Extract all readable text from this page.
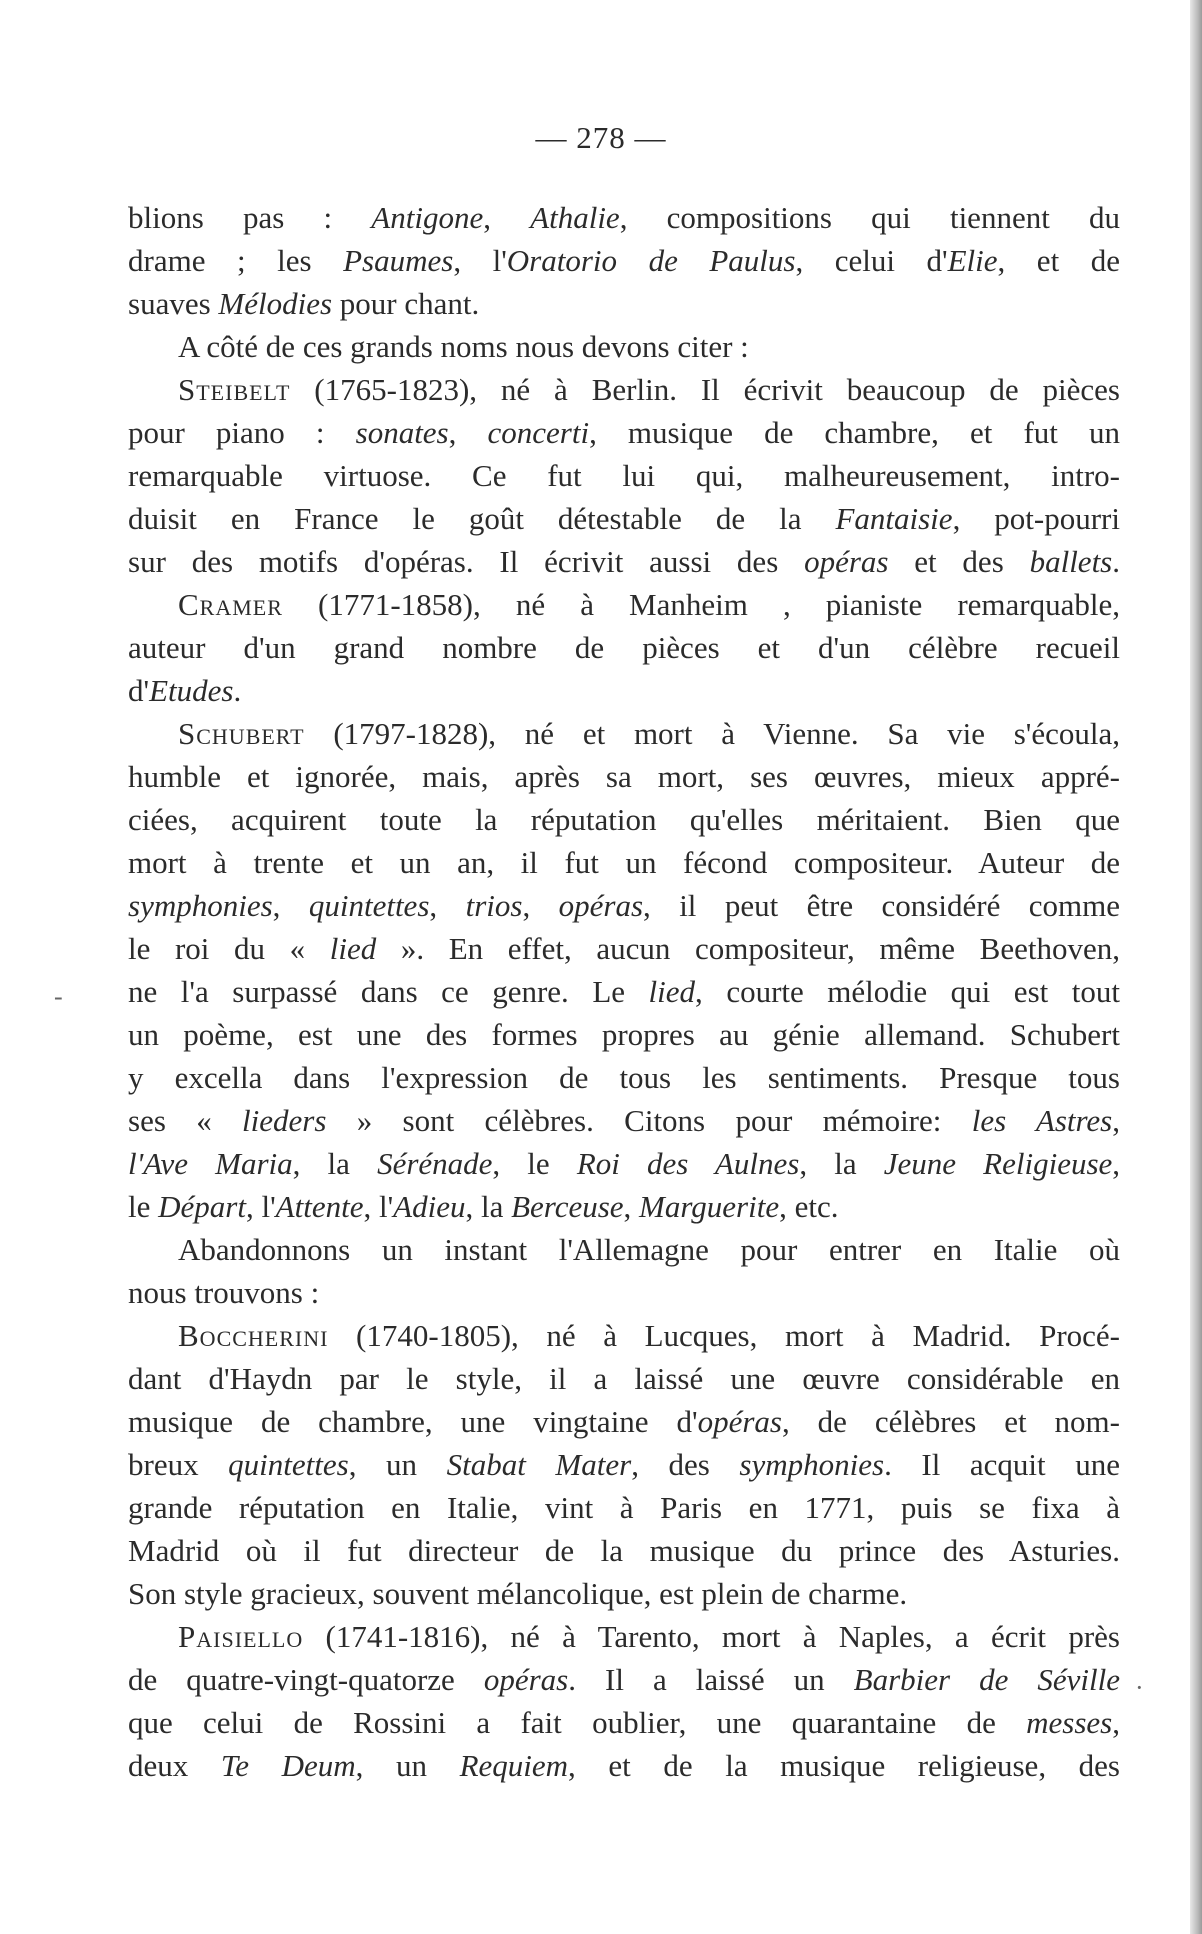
— 278 —
-
·
blions pas : Antigone, Athalie, compositions qui tiennent du
drame ; les Psaumes, l'Oratorio de Paulus, celui d'Elie, et de
suaves Mélodies pour chant.
A côté de ces grands noms nous devons citer :
Steibelt (1765-1823), né à Berlin. Il écrivit beaucoup de pièces
pour piano : sonates, concerti, musique de chambre, et fut un
remarquable virtuose. Ce fut lui qui, malheureusement, intro-
duisit en France le goût détestable de la Fantaisie, pot-pourri
sur des motifs d'opéras. Il écrivit aussi des opéras et des ballets.
Cramer (1771-1858), né à Manheim , pianiste remarquable,
auteur d'un grand nombre de pièces et d'un célèbre recueil
d'Etudes.
Schubert (1797-1828), né et mort à Vienne. Sa vie s'écoula,
humble et ignorée, mais, après sa mort, ses œuvres, mieux appré-
ciées, acquirent toute la réputation qu'elles méritaient. Bien que
mort à trente et un an, il fut un fécond compositeur. Auteur de
symphonies, quintettes, trios, opéras, il peut être considéré comme
le roi du « lied ». En effet, aucun compositeur, même Beethoven,
ne l'a surpassé dans ce genre. Le lied, courte mélodie qui est tout
un poème, est une des formes propres au génie allemand. Schubert
y excella dans l'expression de tous les sentiments. Presque tous
ses « lieders » sont célèbres. Citons pour mémoire: les Astres,
l'Ave Maria, la Sérénade, le Roi des Aulnes, la Jeune Religieuse,
le Départ, l'Attente, l'Adieu, la Berceuse, Marguerite, etc.
Abandonnons un instant l'Allemagne pour entrer en Italie où
nous trouvons :
Boccherini (1740-1805), né à Lucques, mort à Madrid. Procé-
dant d'Haydn par le style, il a laissé une œuvre considérable en
musique de chambre, une vingtaine d'opéras, de célèbres et nom-
breux quintettes, un Stabat Mater, des symphonies. Il acquit une
grande réputation en Italie, vint à Paris en 1771, puis se fixa à
Madrid où il fut directeur de la musique du prince des Asturies.
Son style gracieux, souvent mélancolique, est plein de charme.
Paisiello (1741-1816), né à Tarento, mort à Naples, a écrit près
de quatre-vingt-quatorze opéras. Il a laissé un Barbier de Séville
que celui de Rossini a fait oublier, une quarantaine de messes,
deux Te Deum, un Requiem, et de la musique religieuse, des
